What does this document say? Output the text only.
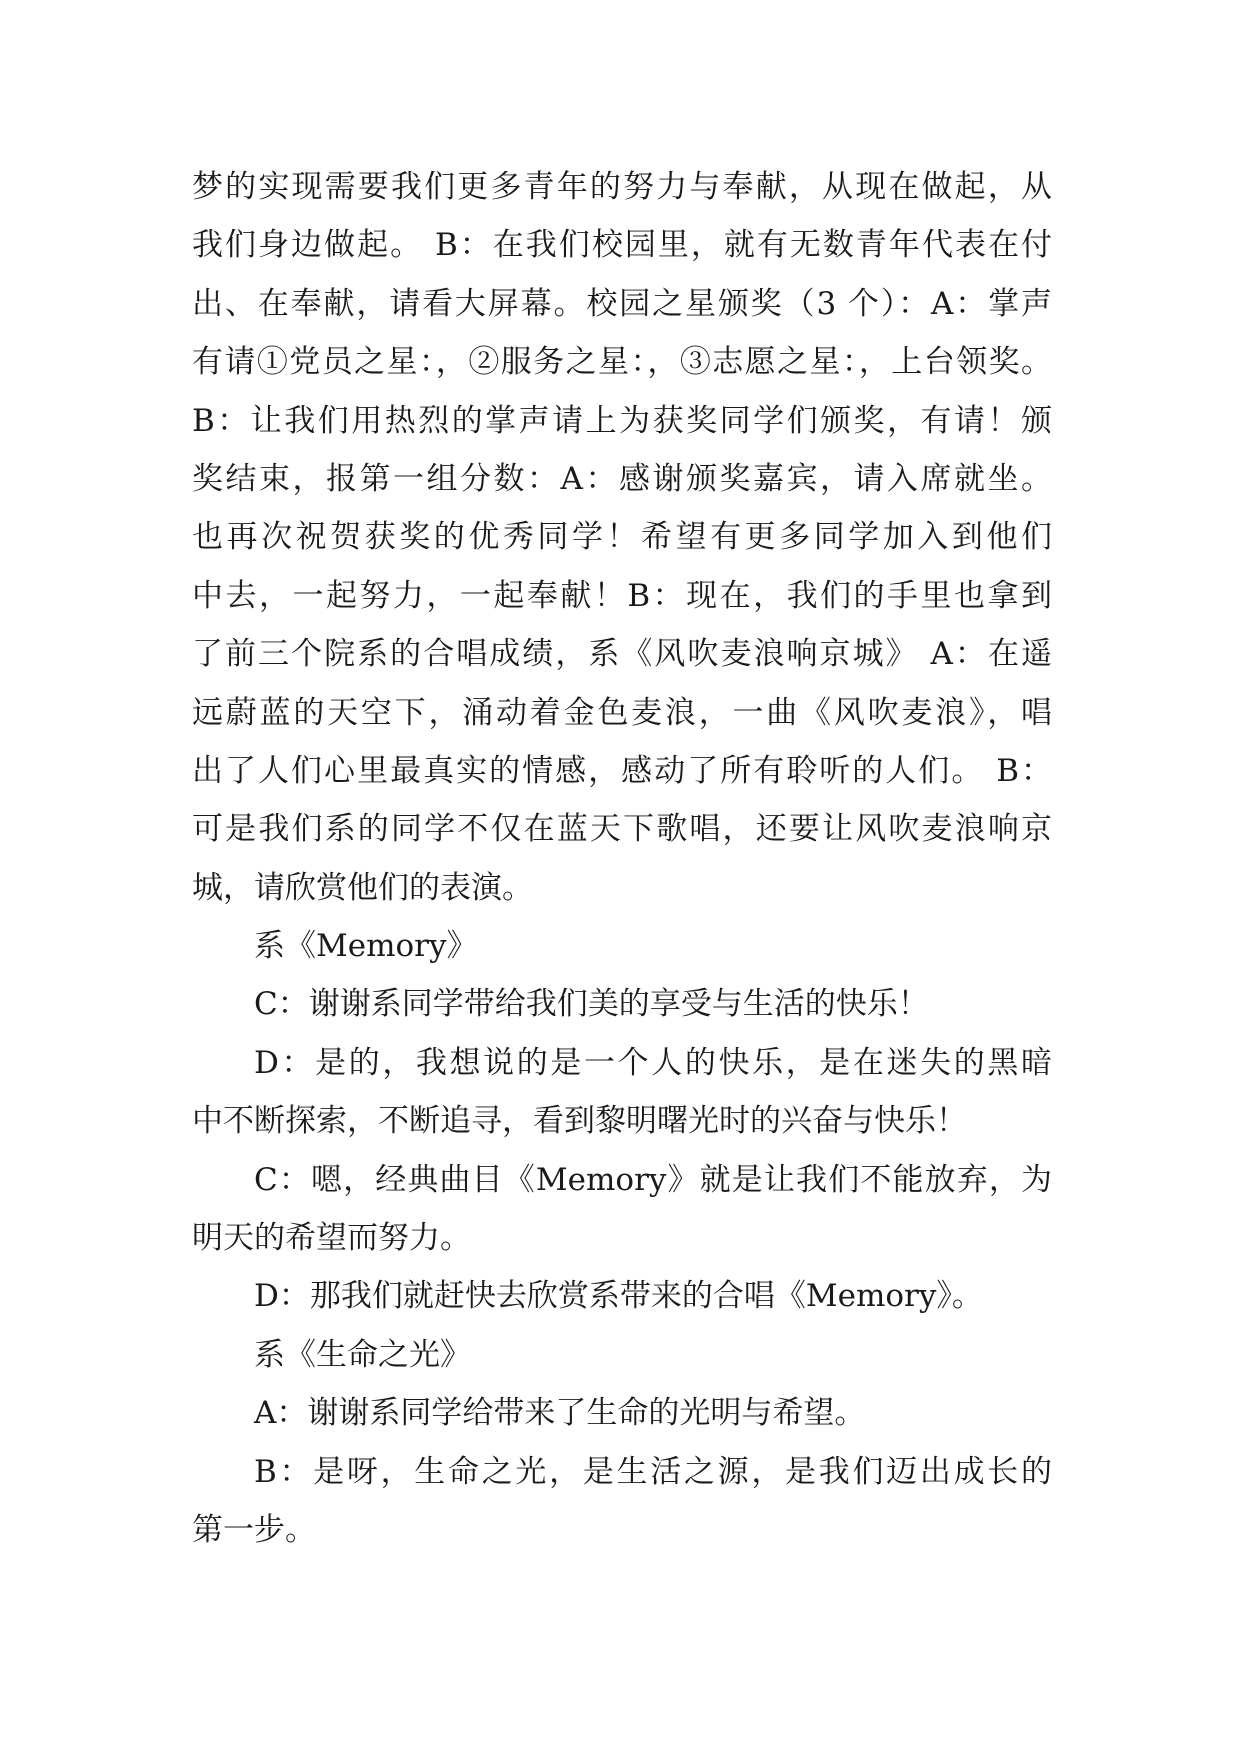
梦的实现需要我们更多青年的努力与奉献，从现在做起，从
我们身边做起。 B：在我们校园里，就有无数青年代表在付
出、在奉献，请看大屏幕。校园之星颁奖（3 个）：A：掌声
有请①党员之星：，②服务之星：，③志愿之星：，上台领奖。
B：让我们用热烈的掌声请上为获奖同学们颁奖，有请！颁
奖结束，报第一组分数：A：感谢颁奖嘉宾，请入席就坐。
也再次祝贺获奖的优秀同学！希望有更多同学加入到他们
中去，一起努力，一起奉献！B：现在，我们的手里也拿到
了前三个院系的合唱成绩，系《风吹麦浪响京城》 A：在遥
远蔚蓝的天空下，涌动着金色麦浪，一曲《风吹麦浪》，唱
出了人们心里最真实的情感，感动了所有聆听的人们。 B：
可是我们系的同学不仅在蓝天下歌唱，还要让风吹麦浪响京
城，请欣赏他们的表演。
系《Memory》
C：谢谢系同学带给我们美的享受与生活的快乐！
D：是的，我想说的是一个人的快乐，是在迷失的黑暗
中不断探索，不断追寻，看到黎明曙光时的兴奋与快乐！
C：嗯，经典曲目《Memory》就是让我们不能放弃，为
明天的希望而努力。
D：那我们就赶快去欣赏系带来的合唱《Memory》。
系《生命之光》
A：谢谢系同学给带来了生命的光明与希望。
B：是呀，生命之光，是生活之源，是我们迈出成长的
第一步。
